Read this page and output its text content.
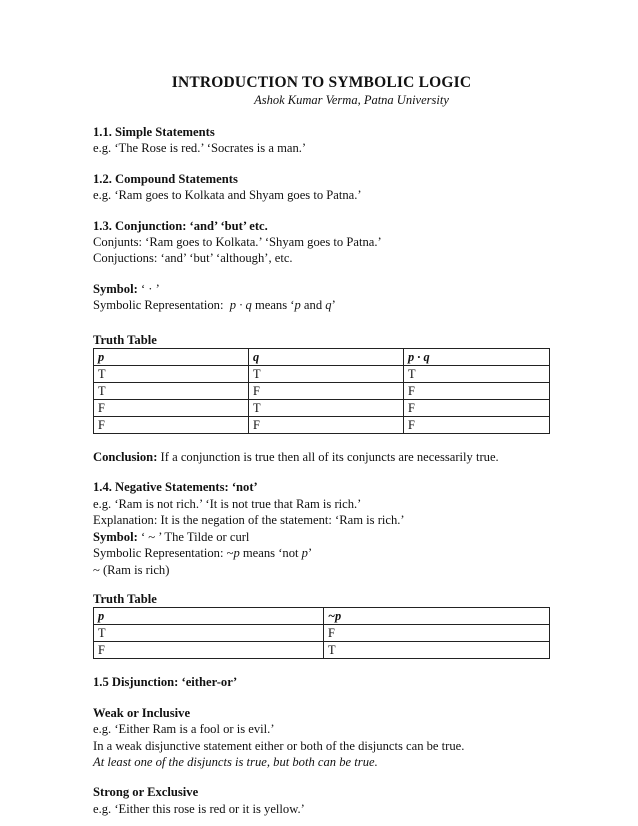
INTRODUCTION TO SYMBOLIC LOGIC

Ashok Kumar Verma, Patna University

1.1. Simple Statements

e.g. ‘The Rose is red.’ ‘Socrates is a man.’

1.2. Compound Statements

e.g. ‘Ram goes to Kolkata and Shyam goes to Patna.’

1.3. Conjunction: ‘and’ ‘but’ etc.

Conjunts: ‘Ram goes to Kolkata.’ ‘Shyam goes to Patna.’

Conjuctions: ‘and’ ‘but’ ‘although’, etc.

Symbol: ‘ · ’

Symbolic Representation:  p · q means ‘p and q’

Truth Table

p	q	p · q
T	T	T
T	F	F
F	T	F
F	F	F

Conclusion: If a conjunction is true then all of its conjuncts are necessarily true.

1.4. Negative Statements: ‘not’

e.g. ‘Ram is not rich.’ ‘It is not true that Ram is rich.’

Explanation: It is the negation of the statement: ‘Ram is rich.’

Symbol: ‘ ~ ’ The Tilde or curl

Symbolic Representation: ~p means ‘not p’

~ (Ram is rich)

Truth Table

p	~p
T	F
F	T

1.5 Disjunction: ‘either-or’

Weak or Inclusive

e.g. ‘Either Ram is a fool or is evil.’

In a weak disjunctive statement either or both of the disjuncts can be true.

At least one of the disjuncts is true, but both can be true.

Strong or Exclusive

e.g. ‘Either this rose is red or it is yellow.’
